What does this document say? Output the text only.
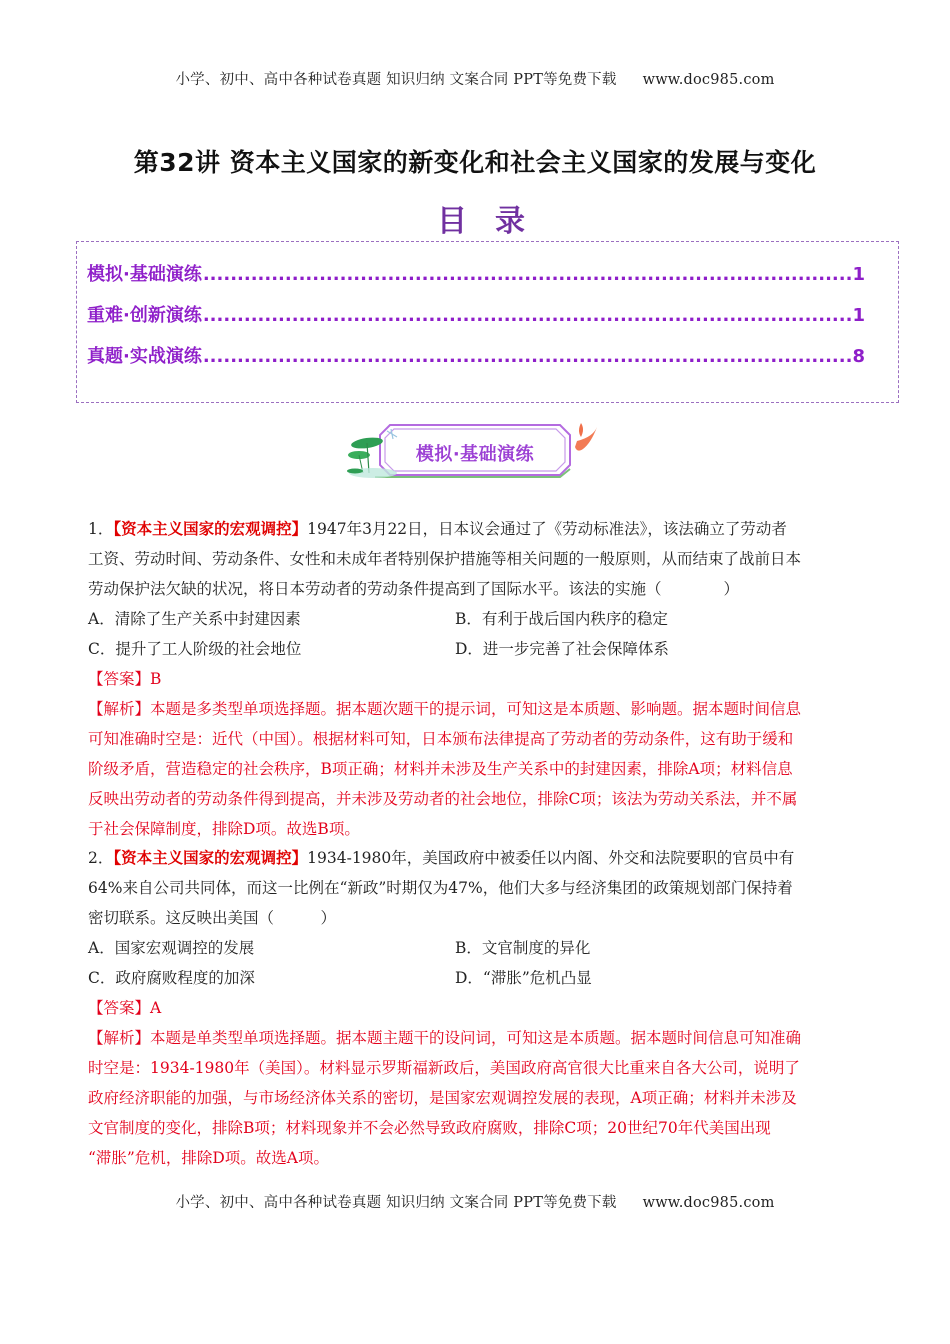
小学、初中、高中各种试卷真题 知识归纳 文案合同 PPT等免费下载 www.doc985.com
第32讲 资本主义国家的新变化和社会主义国家的发展与变化
目录
模拟·基础演练 .....	1
重难·创新演练 .....	1
真题·实战演练 .....	8
模拟·基础演练
1．【资本主义国家的宏观调控】1947年3月22日，日本议会通过了《劳动标准法》，该法确立了劳动者
工资、劳动时间、劳动条件、女性和未成年者特别保护措施等相关问题的一般原则，从而结束了战前日本
劳动保护法欠缺的状况，将日本劳动者的劳动条件提高到了国际水平。该法的实施（　　　　）
A．清除了生产关系中封建因素	B．有利于战后国内秩序的稳定
C．提升了工人阶级的社会地位	D．进一步完善了社会保障体系
【答案】B
【解析】本题是多类型单项选择题。据本题次题干的提示词，可知这是本质题、影响题。据本题时间信息
可知准确时空是：近代（中国）。根据材料可知，日本颁布法律提高了劳动者的劳动条件，这有助于缓和
阶级矛盾，营造稳定的社会秩序，B项正确；材料并未涉及生产关系中的封建因素，排除A项；材料信息
反映出劳动者的劳动条件得到提高，并未涉及劳动者的社会地位，排除C项；该法为劳动关系法，并不属
于社会保障制度，排除D项。故选B项。
2．【资本主义国家的宏观调控】1934-1980年，美国政府中被委任以内阁、外交和法院要职的官员中有
64%来自公司共同体，而这一比例在“新政”时期仅为47%，他们大多与经济集团的政策规划部门保持着
密切联系。这反映出美国（　　　）
A．国家宏观调控的发展	B．文官制度的异化
C．政府腐败程度的加深	D．“滞胀”危机凸显
【答案】A
【解析】本题是单类型单项选择题。据本题主题干的设问词，可知这是本质题。据本题时间信息可知准确
时空是：1934-1980年（美国）。材料显示罗斯福新政后，美国政府高官很大比重来自各大公司，说明了
政府经济职能的加强，与市场经济体关系的密切，是国家宏观调控发展的表现，A项正确；材料并未涉及
文官制度的变化，排除B项；材料现象并不会必然导致政府腐败，排除C项；20世纪70年代美国出现
“滞胀”危机，排除D项。故选A项。
小学、初中、高中各种试卷真题 知识归纳 文案合同 PPT等免费下载 www.doc985.com
